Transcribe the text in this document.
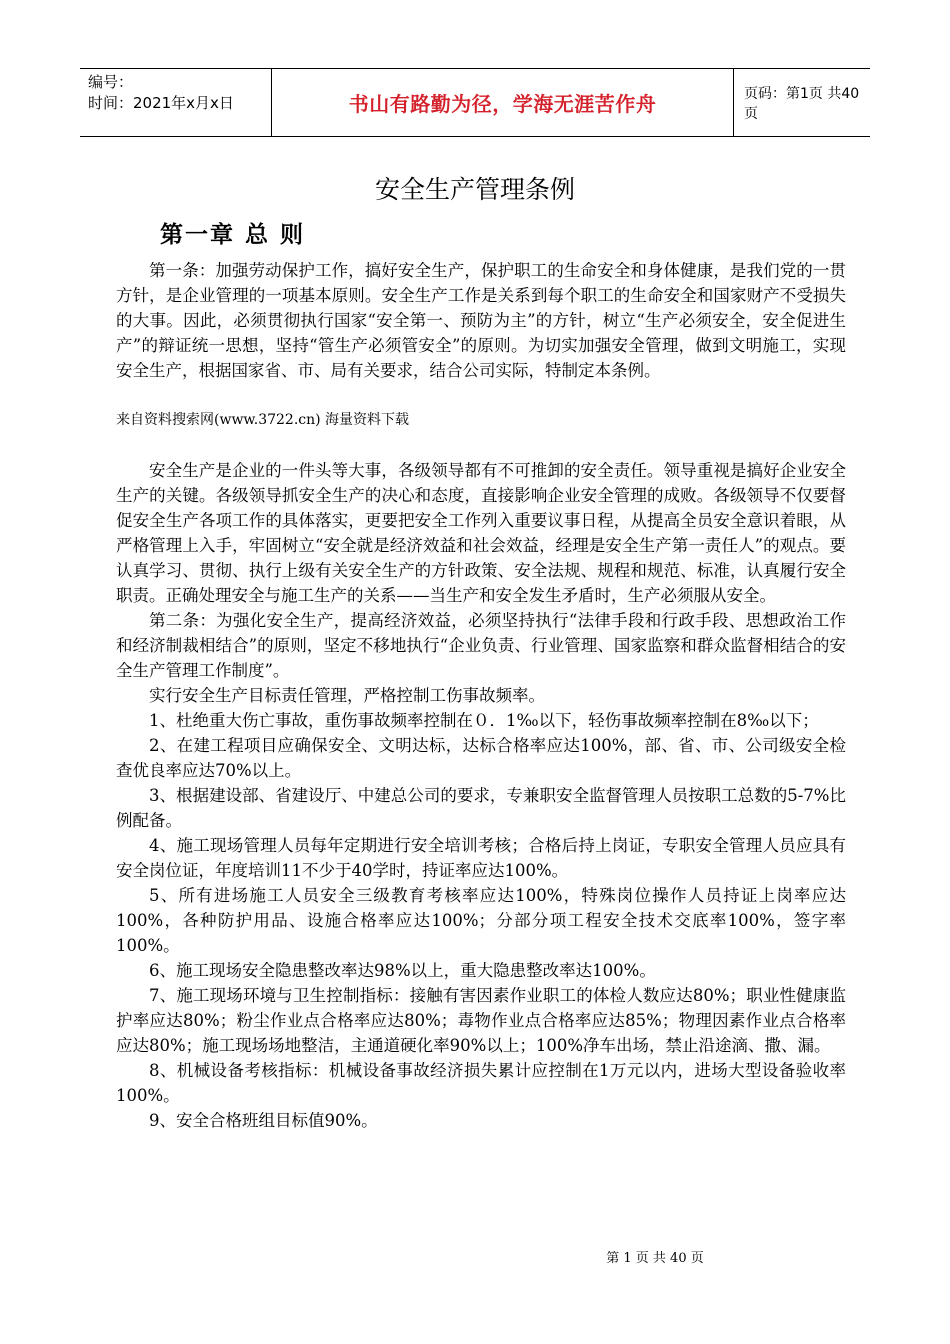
编号：
时间：2021年x月x日	书山有路勤为径，学海无涯苦作舟	页码：第1页 共40页
安全生产管理条例
第一章 总 则

第一条：加强劳动保护工作，搞好安全生产，保护职工的生命安全和身体健康，是我们党的一贯方针，是企业管理的一项基本原则。安全生产工作是关系到每个职工的生命安全和国家财产不受损失的大事。因此，必须贯彻执行国家“安全第一、预防为主”的方针，树立“生产必须安全，安全促进生产”的辩证统一思想，坚持“管生产必须管安全”的原则。为切实加强安全管理，做到文明施工，实现安全生产，根据国家省、市、局有关要求，结合公司实际，特制定本条例。

来自资料搜索网(www.3722.cn) 海量资料下载

安全生产是企业的一件头等大事，各级领导都有不可推卸的安全责任。领导重视是搞好企业安全生产的关键。各级领导抓安全生产的决心和态度，直接影响企业安全管理的成败。各级领导不仅要督促安全生产各项工作的具体落实，更要把安全工作列入重要议事日程，从提高全员安全意识着眼，从严格管理上入手，牢固树立“安全就是经济效益和社会效益，经理是安全生产第一责任人”的观点。要认真学习、贯彻、执行上级有关安全生产的方针政策、安全法规、规程和规范、标准，认真履行安全职责。正确处理安全与施工生产的关系——当生产和安全发生矛盾时，生产必须服从安全。

第二条：为强化安全生产，提高经济效益，必须坚持执行“法律手段和行政手段、思想政治工作和经济制裁相结合”的原则，坚定不移地执行“企业负责、行业管理、国家监察和群众监督相结合的安全生产管理工作制度”。

实行安全生产目标责任管理，严格控制工伤事故频率。

1、杜绝重大伤亡事故，重伤事故频率控制在０．1‰以下，轻伤事故频率控制在8‰以下；

2、在建工程项目应确保安全、文明达标，达标合格率应达100%，部、省、市、公司级安全检查优良率应达70%以上。

3、根据建设部、省建设厅、中建总公司的要求，专兼职安全监督管理人员按职工总数的5-7%比例配备。

4、施工现场管理人员每年定期进行安全培训考核；合格后持上岗证，专职安全管理人员应具有安全岗位证，年度培训11不少于40学时，持证率应达100%。

5、所有进场施工人员安全三级教育考核率应达100%，特殊岗位操作人员持证上岗率应达100%，各种防护用品、设施合格率应达100%；分部分项工程安全技术交底率100%，签字率100%。

6、施工现场安全隐患整改率达98%以上，重大隐患整改率达100%。

7、施工现场环境与卫生控制指标：接触有害因素作业职工的体检人数应达80%；职业性健康监护率应达80%；粉尘作业点合格率应达80%；毒物作业点合格率应达85%；物理因素作业点合格率应达80%；施工现场场地整洁，主通道硬化率90%以上；100%净车出场，禁止沿途滴、撒、漏。

8、机械设备考核指标：机械设备事故经济损失累计应控制在1万元以内，进场大型设备验收率100%。

9、安全合格班组目标值90%。

第 1 页 共 40 页
